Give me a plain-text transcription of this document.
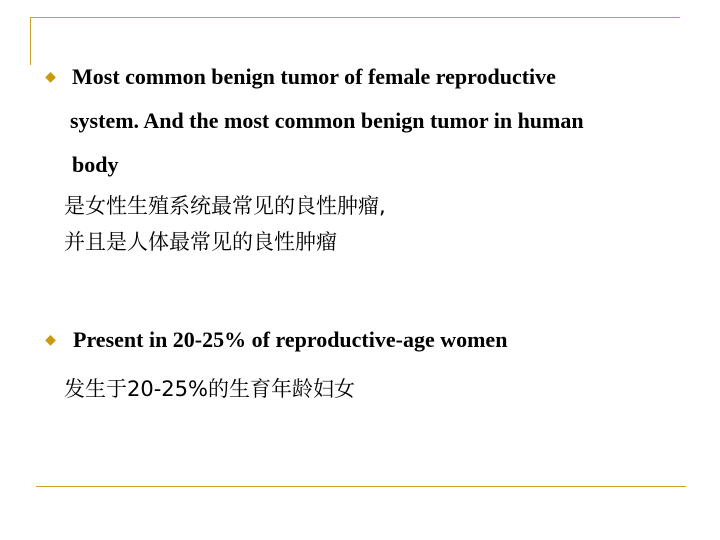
◆ Most common benign tumor of female reproductive
system. And the most common benign tumor in human
body
是女性生殖系统最常见的良性肿瘤,
并且是人体最常见的良性肿瘤
◆ Present in 20-25% of reproductive-age women
发生于20-25%的生育年龄妇女
